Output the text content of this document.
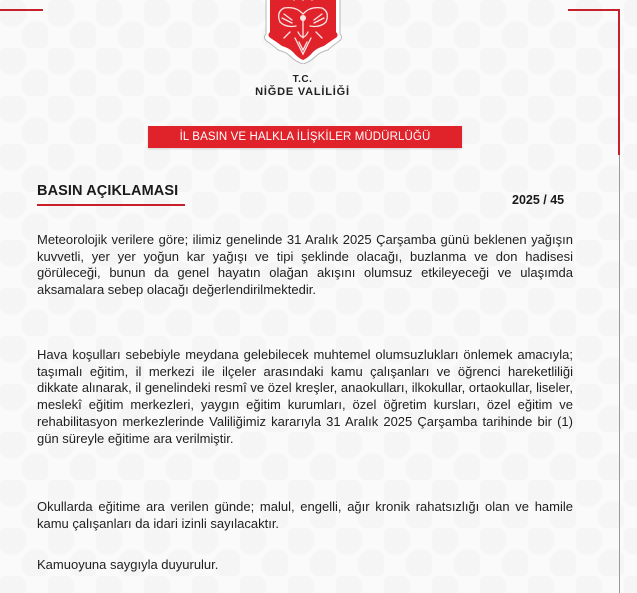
T.C.
NİĞDE VALİLİĞİ
İL BASIN VE HALKLA İLİŞKİLER MÜDÜRLÜĞÜ
BASIN AÇIKLAMASI
2025 / 45

Meteorolojik verilere göre; ilimiz genelinde 31 Aralık 2025 Çarşamba günü beklenen yağışın kuvvetli, yer yer yoğun kar yağışı ve tipi şeklinde olacağı, buzlanma ve don hadisesi görüleceği, bunun da genel hayatın olağan akışını olumsuz etkileyeceği ve ulaşımda aksamalara sebep olacağı değerlendirilmektedir.

Hava koşulları sebebiyle meydana gelebilecek muhtemel olumsuzlukları önlemek amacıyla; taşımalı eğitim, il merkezi ile ilçeler arasındaki kamu çalışanları ve öğrenci hareketliliği dikkate alınarak, il genelindeki resmî ve özel kreşler, anaokulları, ilkokullar, ortaokullar, liseler, meslekî eğitim merkezleri, yaygın eğitim kurumları, özel öğretim kursları, özel eğitim ve rehabilitasyon merkezlerinde Valiliğimiz kararıyla 31 Aralık 2025 Çarşamba tarihinde bir (1) gün süreyle eğitime ara verilmiştir.

Okullarda eğitime ara verilen günde; malul, engelli, ağır kronik rahatsızlığı olan ve hamile kamu çalışanları da idari izinli sayılacaktır.

Kamuoyuna saygıyla duyurulur.
